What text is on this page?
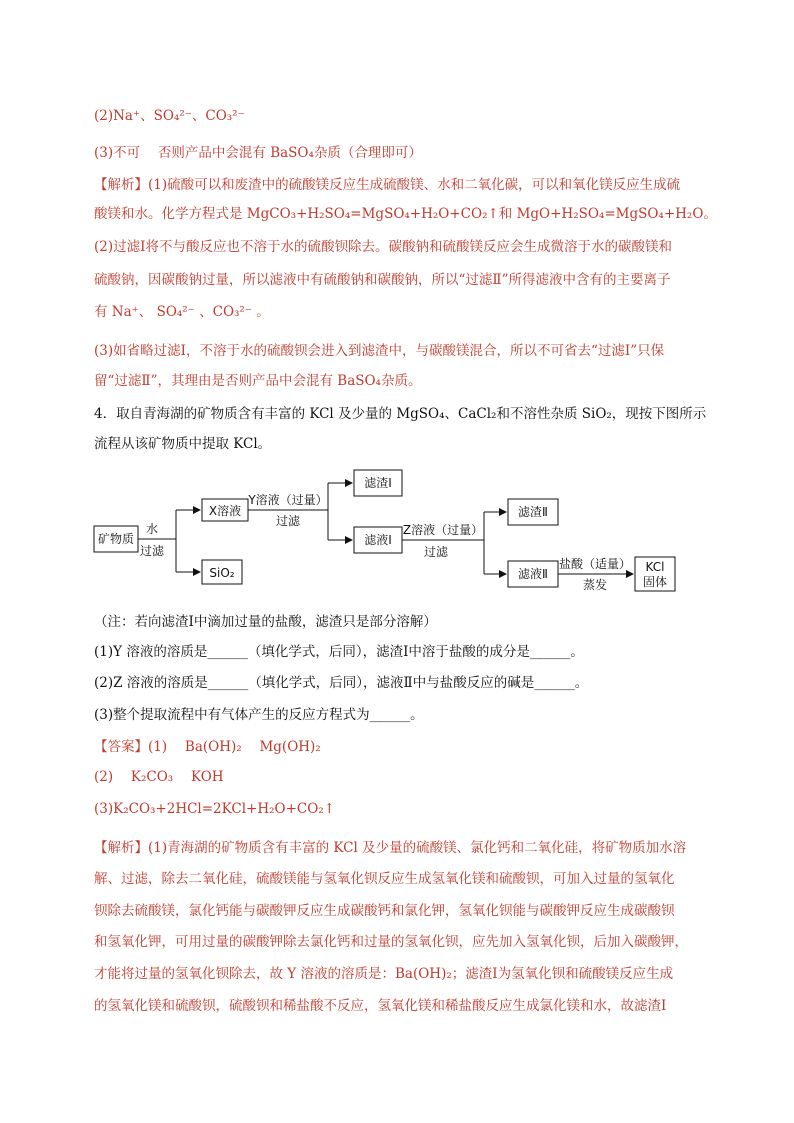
(2)Na⁺、SO₄²⁻、CO₃²⁻
(3)不可　 否则产品中会混有 BaSO₄杂质（合理即可）
【解析】(1)硫酸可以和废渣中的硫酸镁反应生成硫酸镁、水和二氧化碳，可以和氧化镁反应生成硫
酸镁和水。化学方程式是 MgCO₃+H₂SO₄=MgSO₄+H₂O+CO₂↑和 MgO+H₂SO₄=MgSO₄+H₂O。
(2)过滤Ⅰ将不与酸反应也不溶于水的硫酸钡除去。碳酸钠和硫酸镁反应会生成微溶于水的碳酸镁和
硫酸钠，因碳酸钠过量，所以滤液中有硫酸钠和碳酸钠，所以“过滤Ⅱ”所得滤液中含有的主要离子
有 Na⁺、 SO₄²⁻ 、CO₃²⁻ 。
(3)如省略过滤Ⅰ，不溶于水的硫酸钡会进入到滤渣中，与碳酸镁混合，所以不可省去“过滤Ⅰ”只保
留“过滤Ⅱ”，其理由是否则产品中会混有 BaSO₄杂质。
4．取自青海湖的矿物质含有丰富的 KCl 及少量的 MgSO₄、CaCl₂和不溶性杂质 SiO₂，现按下图所示
流程从该矿物质中提取 KCl。
矿物质
水
过滤
X溶液
SiO₂
Y溶液（过量）
过滤
滤渣Ⅰ
滤液Ⅰ
Z溶液（过量）
过滤
滤渣Ⅱ
滤液Ⅱ
盐酸（适量）
蒸发
KCl
固体
（注：若向滤渣Ⅰ中滴加过量的盐酸，滤渣只是部分溶解）
(1)Y 溶液的溶质是______（填化学式，后同），滤渣Ⅰ中溶于盐酸的成分是______。
(2)Z 溶液的溶质是______（填化学式，后同），滤液Ⅱ中与盐酸反应的碱是______。
(3)整个提取流程中有气体产生的反应方程式为______。
【答案】(1)　 Ba(OH)₂　 Mg(OH)₂
(2)　 K₂CO₃　 KOH
(3)K₂CO₃+2HCl=2KCl+H₂O+CO₂↑
【解析】(1)青海湖的矿物质含有丰富的 KCl 及少量的硫酸镁、氯化钙和二氧化硅，将矿物质加水溶
解、过滤，除去二氧化硅，硫酸镁能与氢氧化钡反应生成氢氧化镁和硫酸钡，可加入过量的氢氧化
钡除去硫酸镁，氯化钙能与碳酸钾反应生成碳酸钙和氯化钾，氢氧化钡能与碳酸钾反应生成碳酸钡
和氢氧化钾，可用过量的碳酸钾除去氯化钙和过量的氢氧化钡，应先加入氢氧化钡，后加入碳酸钾，
才能将过量的氢氧化钡除去，故 Y 溶液的溶质是：Ba(OH)₂；滤渣Ⅰ为氢氧化钡和硫酸镁反应生成
的氢氧化镁和硫酸钡，硫酸钡和稀盐酸不反应，氢氧化镁和稀盐酸反应生成氯化镁和水，故滤渣Ⅰ
